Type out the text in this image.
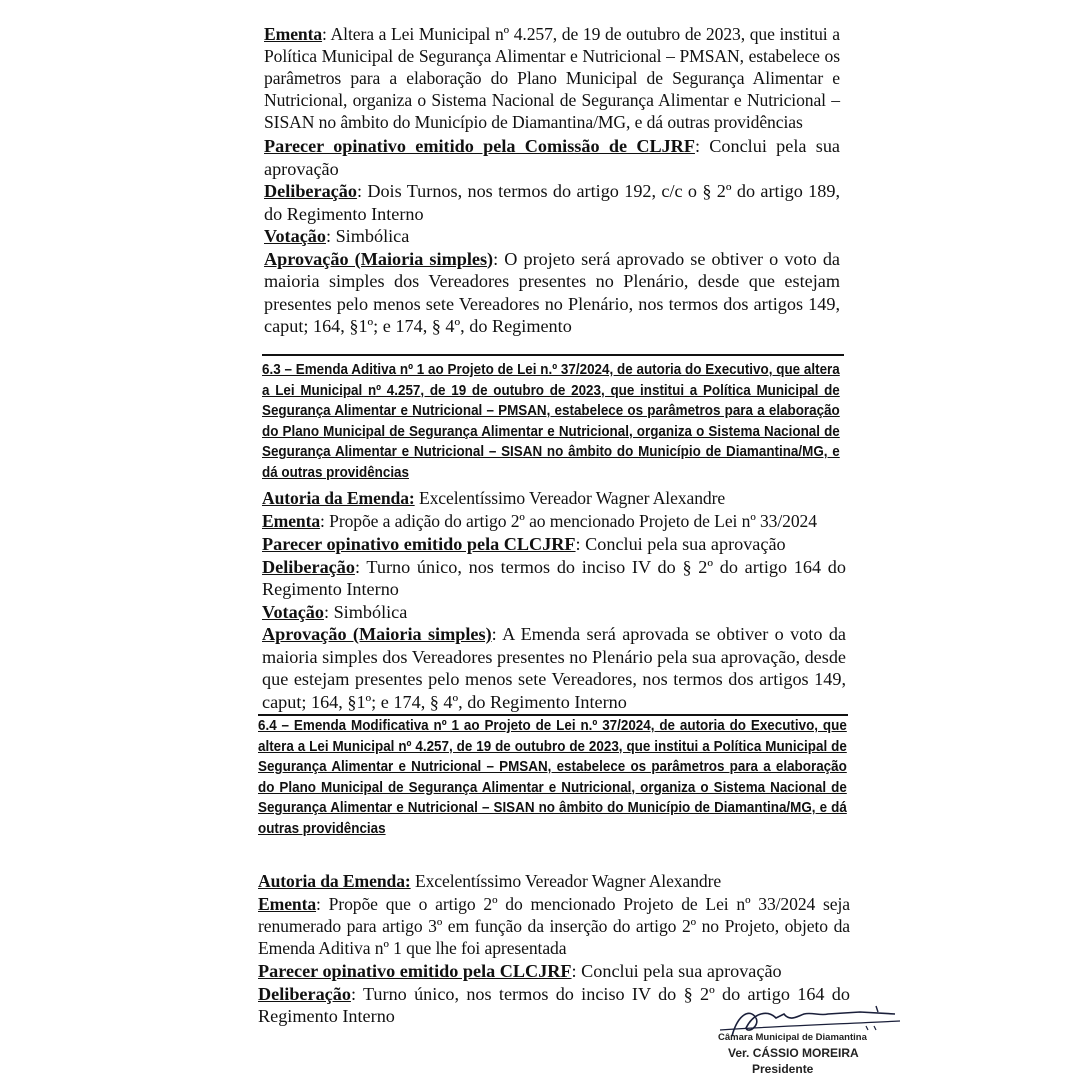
Ementa: Altera a Lei Municipal nº 4.257, de 19 de outubro de 2023, que institui a Política Municipal de Segurança Alimentar e Nutricional – PMSAN, estabelece os parâmetros para a elaboração do Plano Municipal de Segurança Alimentar e Nutricional, organiza o Sistema Nacional de Segurança Alimentar e Nutricional – SISAN no âmbito do Município de Diamantina/MG, e dá outras providências

Parecer opinativo emitido pela Comissão de CLJRF: Conclui pela sua aprovação

Deliberação: Dois Turnos, nos termos do artigo 192, c/c o § 2º do artigo 189, do Regimento Interno

Votação: Simbólica

Aprovação (Maioria simples): O projeto será aprovado se obtiver o voto da maioria simples dos Vereadores presentes no Plenário, desde que estejam presentes pelo menos sete Vereadores no Plenário, nos termos dos artigos 149, caput; 164, §1º; e 174, § 4º, do Regimento

6.3 – Emenda Aditiva nº 1 ao Projeto de Lei n.º 37/2024, de autoria do Executivo, que altera a Lei Municipal nº 4.257, de 19 de outubro de 2023, que institui a Política Municipal de Segurança Alimentar e Nutricional – PMSAN, estabelece os parâmetros para a elaboração do Plano Municipal de Segurança Alimentar e Nutricional, organiza o Sistema Nacional de Segurança Alimentar e Nutricional – SISAN no âmbito do Município de Diamantina/MG, e dá outras providências

Autoria da Emenda: Excelentíssimo Vereador Wagner Alexandre

Ementa: Propõe a adição do artigo 2º ao mencionado Projeto de Lei nº 33/2024

Parecer opinativo emitido pela CLCJRF: Conclui pela sua aprovação

Deliberação: Turno único, nos termos do inciso IV do § 2º do artigo 164 do Regimento Interno

Votação: Simbólica

Aprovação (Maioria simples): A Emenda será aprovada se obtiver o voto da maioria simples dos Vereadores presentes no Plenário pela sua aprovação, desde que estejam presentes pelo menos sete Vereadores, nos termos dos artigos 149, caput; 164, §1º; e 174, § 4º, do Regimento Interno

6.4 – Emenda Modificativa nº 1 ao Projeto de Lei n.º 37/2024, de autoria do Executivo, que altera a Lei Municipal nº 4.257, de 19 de outubro de 2023, que institui a Política Municipal de Segurança Alimentar e Nutricional – PMSAN, estabelece os parâmetros para a elaboração do Plano Municipal de Segurança Alimentar e Nutricional, organiza o Sistema Nacional de Segurança Alimentar e Nutricional – SISAN no âmbito do Município de Diamantina/MG, e dá outras providências

Autoria da Emenda: Excelentíssimo Vereador Wagner Alexandre

Ementa: Propõe que o artigo 2º do mencionado Projeto de Lei nº 33/2024 seja renumerado para artigo 3º em função da inserção do artigo 2º no Projeto, objeto da Emenda Aditiva nº 1 que lhe foi apresentada

Parecer opinativo emitido pela CLCJRF: Conclui pela sua aprovação

Deliberação: Turno único, nos termos do inciso IV do § 2º do artigo 164 do Regimento Interno

Câmara Municipal de Diamantina
Ver. CÁSSIO MOREIRA
Presidente
